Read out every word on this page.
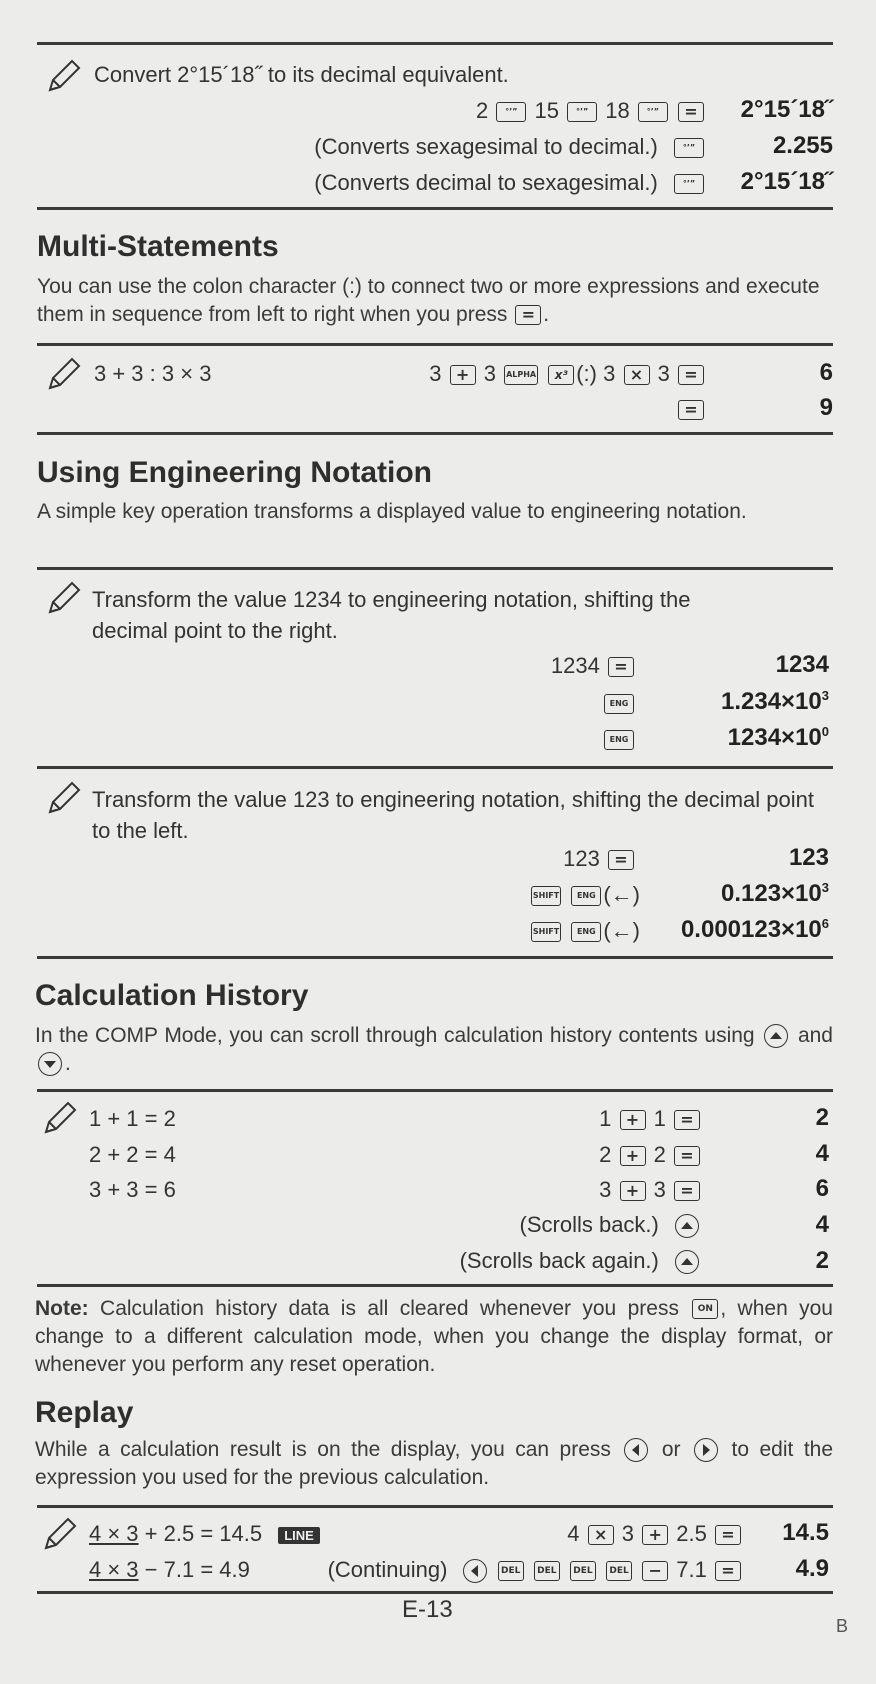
Convert 2°15´18˝ to its decimal equivalent.
2 °’” 15 °’” 18 °’” =	2°15´18˝
(Converts sexagesimal to decimal.)	°’”	2.255
(Converts decimal to sexagesimal.)	°’”	2°15´18˝
Multi-Statements
You can use the colon character (:) to connect two or more expressions and execute them in sequence from left to right when you press = .
3 + 3 : 3 × 3	3 + 3 ALPHA x³ (:) 3 × 3 =	6
=	9
Using Engineering Notation
A simple key operation transforms a displayed value to engineering notation.
Transform the value 1234 to engineering notation, shifting the decimal point to the right.
1234 =	1234
ENG	$1.234\times 10^3$
ENG	$1234\times 10^0$
Transform the value 123 to engineering notation, shifting the decimal point to the left.
123 =	123
SHIFT ENG (←)	$0.123\times 10^3$
SHIFT ENG (←) $0.000123\times 10^6$
Calculation History
In the COMP Mode, you can scroll through calculation history contents using and
.
1 + 1 = 2	1 + 1 =	2
2 + 2 = 4	2 + 2 =	4
3 + 3 = 6	3 + 3 =	6
(Scrolls back.)	4
(Scrolls back again.)	2
Note: Calculation history data is all cleared whenever you press ON , when you change to a different calculation mode, when you change the display format, or whenever you perform any reset operation.
Replay
While a calculation result is on the display, you can press or to edit the expression you used for the previous calculation.
4 × 3 + 2.5 = 14.5 LINE	4 × 3 + 2.5 =	14.5
4 × 3 − 7.1 = 4.9	(Continuing)	DEL DEL DEL DEL − 7.1 =	4.9
E-13
B
